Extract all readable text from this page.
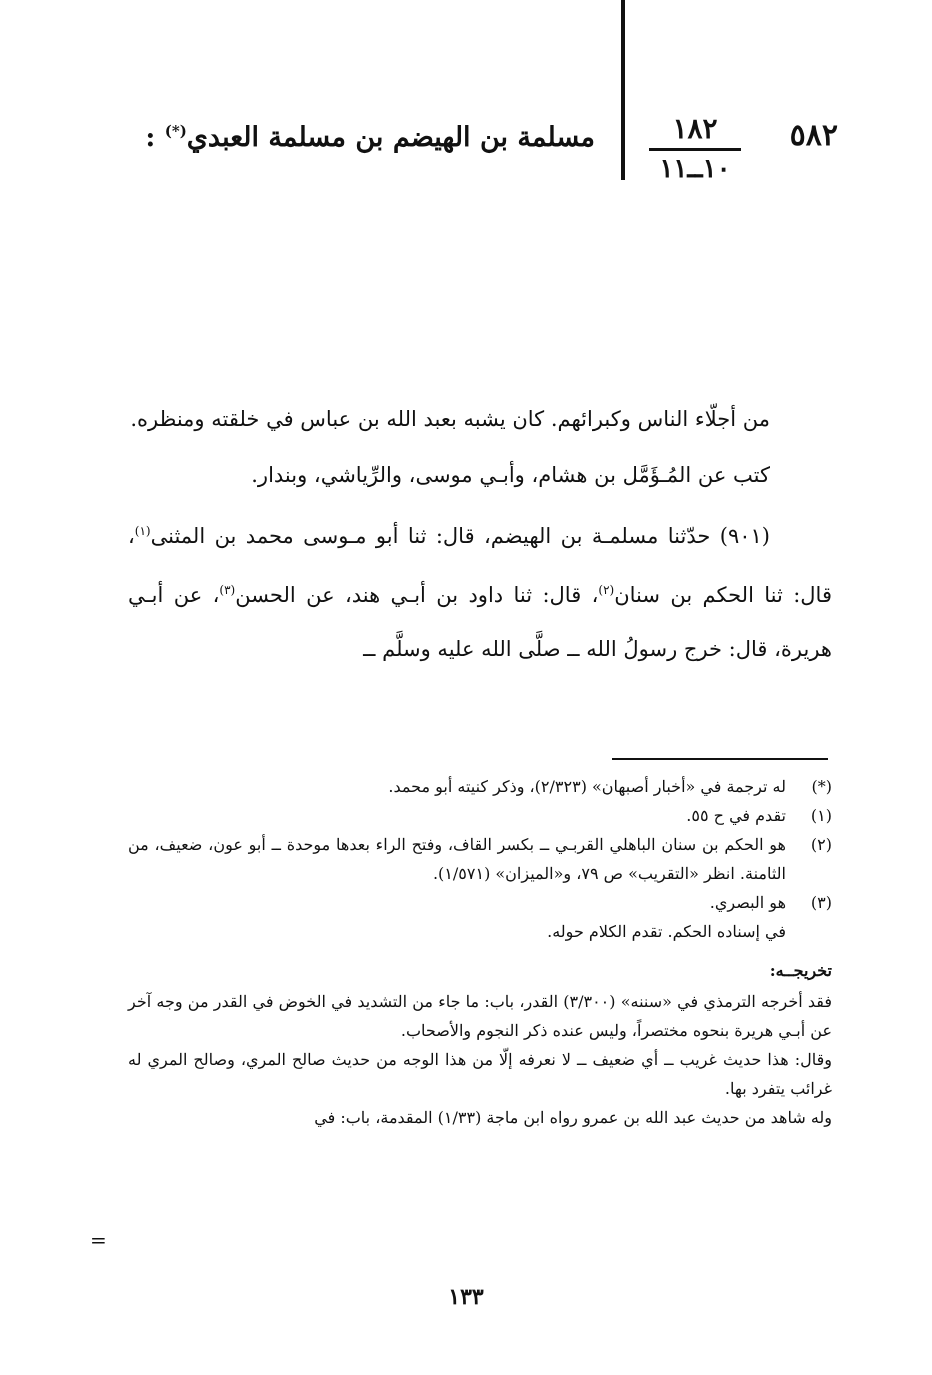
٥٨٢
١٨٢
١٠ــ١١
مسلمة بن الهيضم بن مسلمة العبدي(*) :

من أجلّاء الناس وكبرائهم. كان يشبه بعبد الله بن عباس في خلقته ومنظره.

كتب عن المُـؤَمَّل بن هشام، وأبـي موسى، والرِّياشي، وبندار.

(٩٠١) حدّثنا مسلمـة بن الهيضم، قال: ثنا أبو مـوسى محمد بن المثنى$^{(١)}$، قال: ثنا الحكم بن سنان$^{(٢)}$، قال: ثنا داود بن أبـي هند، عن الحسن$^{(٣)}$، عن أبـي هريرة، قال: خرج رسولُ الله ــ صلَّى الله عليه وسلَّم ــ

(*)

له ترجمة في «أخبار أصبهان» (٢/٣٢٣)، وذكر كنيته أبو محمد.

(١)

تقدم في ح ٥٥.

(٢)

هو الحكم بن سنان الباهلي القربـي ــ بكسر القاف، وفتح الراء بعدها موحدة ــ أبو عون، ضعيف، من الثامنة. انظر «التقريب» ص ٧٩، و«الميزان» (١/٥٧١).

(٣)

هو البصري.

في إسناده الحكم. تقدم الكلام حوله.

تخريجــه:

فقد أخرجه الترمذي في «سننه» (٣/٣٠٠) القدر، باب: ما جاء من التشديد في الخوض في القدر من وجه آخر عن أبـي هريرة بنحوه مختصراً، وليس عنده ذكر النجوم والأصحاب.

وقال: هذا حديث غريب ــ أي ضعيف ــ لا نعرفه إلّا من هذا الوجه من حديث صالح المري، وصالح المري له غرائب يتفرد بها.

وله شاهد من حديث عبد الله بن عمرو رواه ابن ماجة (١/٣٣) المقدمة، باب: في

=
١٣٣
